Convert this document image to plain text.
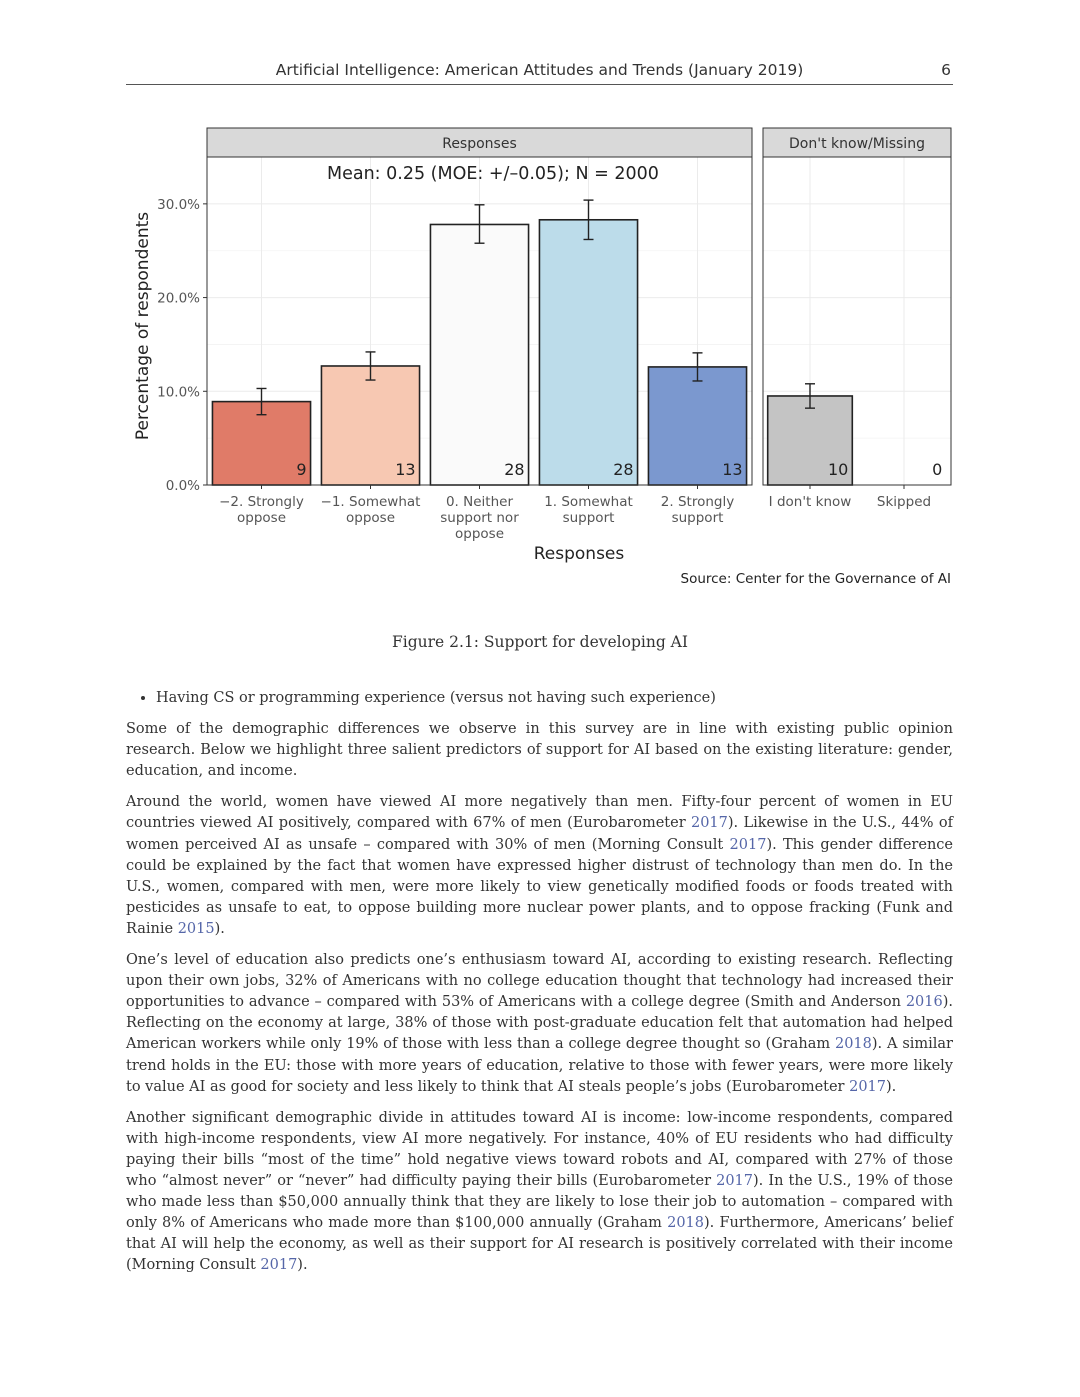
Artificial Intelligence: American Attitudes and Trends (January 2019)	6
Responses
9
−2. Strongly
oppose
13
−1. Somewhat
oppose
28
0. Neither
support nor
oppose
28
1. Somewhat
support
13
2. Strongly
support
Don't know/Missing
10
I don't know
0
Skipped
0.0%
10.0%
20.0%
30.0%
Mean: 0.25 (MOE: +/–0.05); N = 2000
Percentage of respondents
Responses
Source: Center for the Governance of AI
Figure 2.1: Support for developing AI
• Having CS or programming experience (versus not having such experience)

Some of the demographic differences we observe in this survey are in line with existing public opinion research. Below we highlight three salient predictors of support for AI based on the existing literature: gender, education, and income.

Around the world, women have viewed AI more negatively than men. Fifty-four percent of women in EU countries viewed AI positively, compared with 67% of men (Eurobarometer 2017). Likewise in the U.S., 44% of women perceived AI as unsafe – compared with 30% of men (Morning Consult 2017). This gender difference could be explained by the fact that women have expressed higher distrust of technology than men do. In the U.S., women, compared with men, were more likely to view genetically modified foods or foods treated with pesticides as unsafe to eat, to oppose building more nuclear power plants, and to oppose fracking (Funk and Rainie 2015).

One’s level of education also predicts one’s enthusiasm toward AI, according to existing research. Reflecting upon their own jobs, 32% of Americans with no college education thought that technology had increased their opportunities to advance – compared with 53% of Americans with a college degree (Smith and Anderson 2016). Reflecting on the economy at large, 38% of those with post-graduate education felt that automation had helped American workers while only 19% of those with less than a college degree thought so (Graham 2018). A similar trend holds in the EU: those with more years of education, relative to those with fewer years, were more likely to value AI as good for society and less likely to think that AI steals people’s jobs (Eurobarometer 2017).

Another significant demographic divide in attitudes toward AI is income: low-income respondents, compared with high-income respondents, view AI more negatively. For instance, 40% of EU residents who had difficulty paying their bills “most of the time” hold negative views toward robots and AI, compared with 27% of those who “almost never” or “never” had difficulty paying their bills (Eurobarometer 2017). In the U.S., 19% of those who made less than $50,000 annually think that they are likely to lose their job to automation – compared with only 8% of Americans who made more than $100,000 annually (Graham 2018). Furthermore, Americans’ belief that AI will help the economy, as well as their support for AI research is positively correlated with their income (Morning Consult 2017).
